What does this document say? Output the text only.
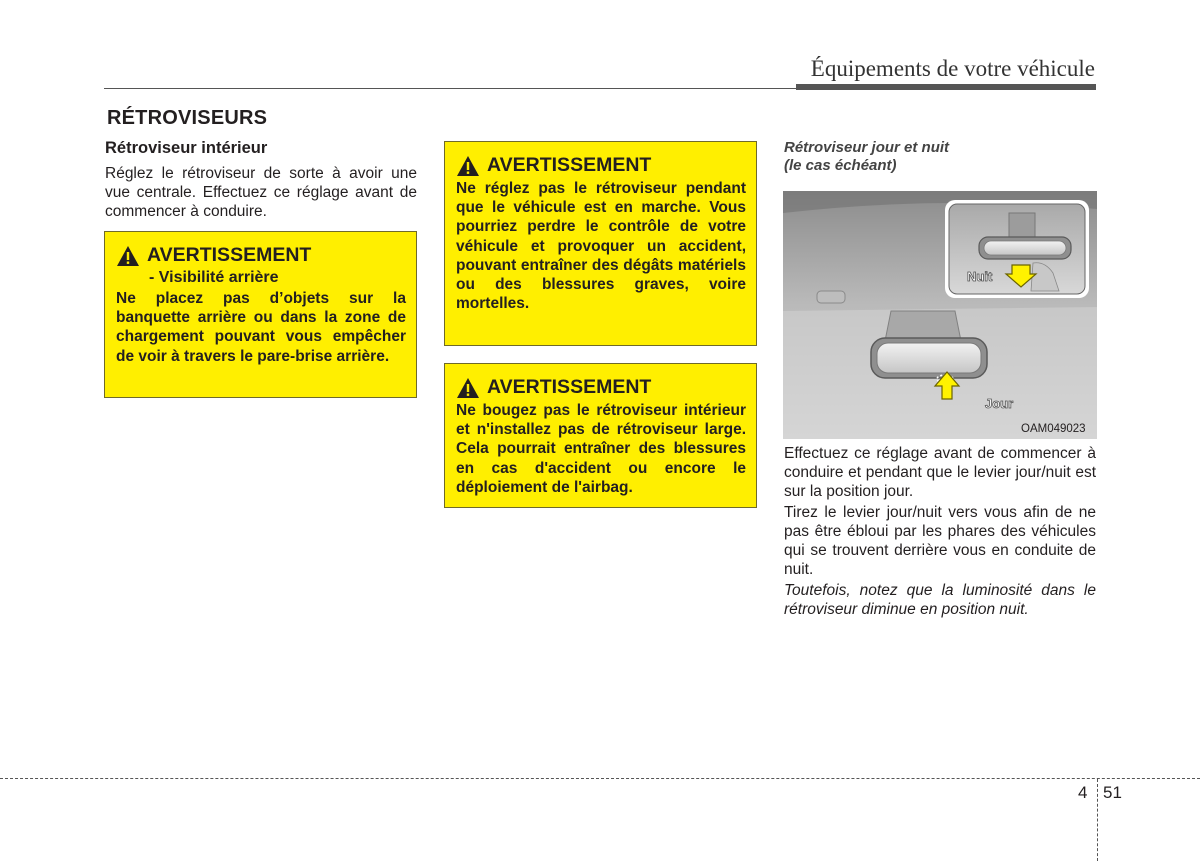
Équipements de votre véhicule
RÉTROVISEURS
Rétroviseur intérieur
Réglez le rétroviseur de sorte à avoir une vue centrale. Effectuez ce réglage avant de commencer à conduire.
AVERTISSEMENT
- Visibilité arrière
Ne placez pas d’objets sur la banquette arrière ou dans la zone de chargement pouvant vous empêcher de voir à travers le pare-brise arrière.
AVERTISSEMENT
Ne réglez pas le rétroviseur pendant que le véhicule est en marche. Vous pourriez perdre le contrôle de votre véhicule et provoquer un accident, pouvant entraîner des dégâts matériels ou des blessures graves, voire mortelles.
AVERTISSEMENT
Ne bougez pas le rétroviseur intérieur et n'installez pas de rétroviseur large. Cela pourrait entraîner des blessures en cas d'accident ou encore le déploiement de l'airbag.
Rétroviseur jour et nuit
(le cas échéant)
Jour
Nuit
OAM049023

Effectuez ce réglage avant de commencer à conduire et pendant que le levier jour/nuit est sur la position jour.

Tirez le levier jour/nuit vers vous afin de ne pas être ébloui par les phares des véhicules qui se trouvent derrière vous en conduite de nuit.

Toutefois, notez que la luminosité dans le rétroviseur diminue en position nuit.

4 51
